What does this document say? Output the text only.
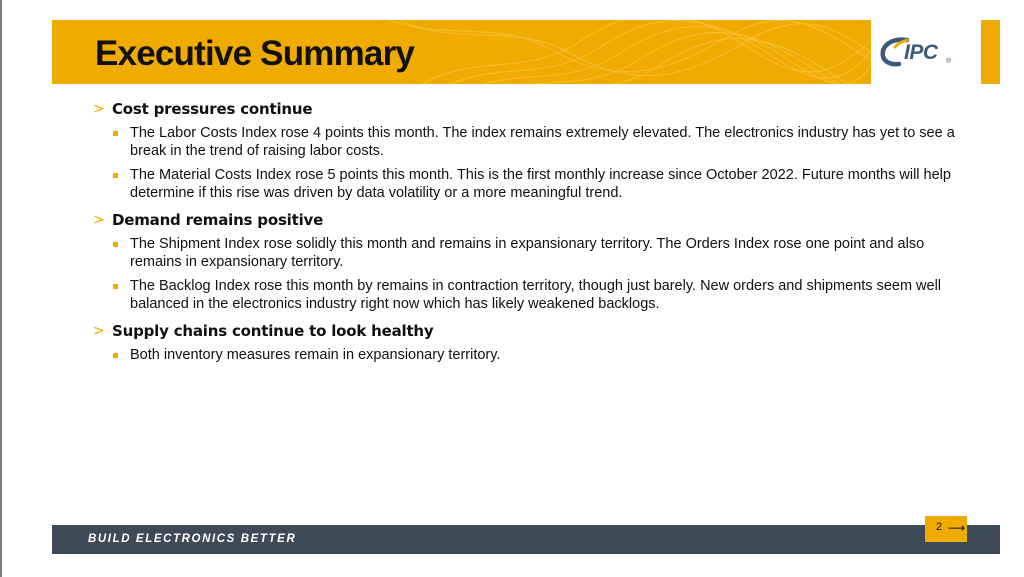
Executive Summary	IPC ®
> Cost pressures continue
The Labor Costs Index rose 4 points this month. The index remains extremely elevated. The electronics industry has yet to see a break in the trend of raising labor costs.
The Material Costs Index rose 5 points this month. This is the first monthly increase since October 2022. Future months will help determine if this rise was driven by data volatility or a more meaningful trend.
> Demand remains positive
The Shipment Index rose solidly this month and remains in expansionary territory. The Orders Index rose one point and also remains in expansionary territory.
The Backlog Index rose this month by remains in contraction territory, though just barely. New orders and shipments seem well balanced in the electronics industry right now which has likely weakened backlogs.
> Supply chains continue to look healthy
Both inventory measures remain in expansionary territory.
BUILD ELECTRONICS BETTER
2 ⟶
